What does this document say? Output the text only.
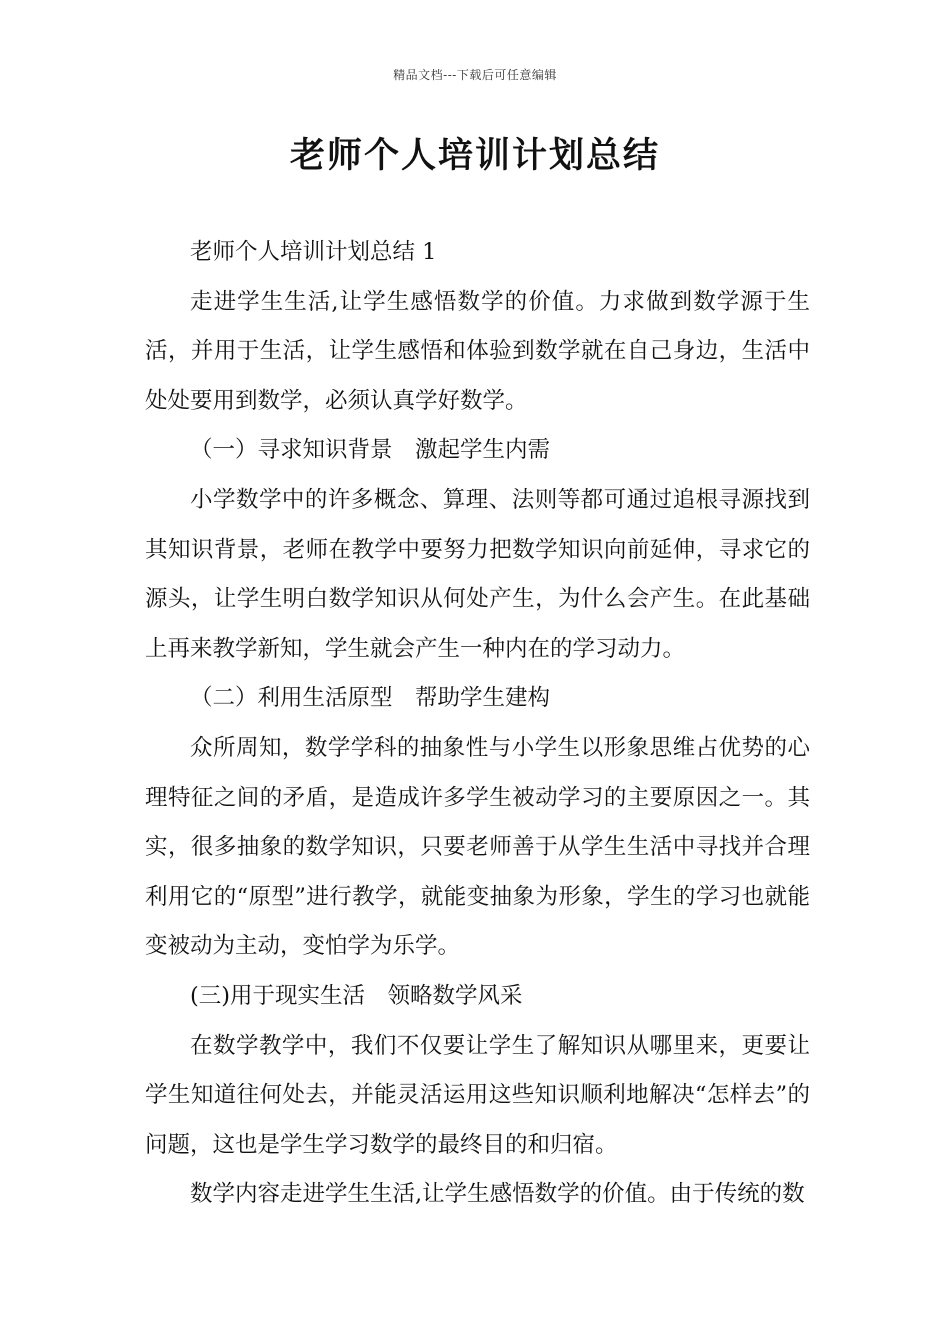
精品文档---下载后可任意编辑
老师个人培训计划总结

老师个人培训计划总结 1

走进学生生活,让学生感悟数学的价值。力求做到数学源于生活，并用于生活，让学生感悟和体验到数学就在自己身边，生活中处处要用到数学，必须认真学好数学。

（一）寻求知识背景　激起学生内需

小学数学中的许多概念、算理、法则等都可通过追根寻源找到其知识背景，老师在教学中要努力把数学知识向前延伸，寻求它的源头，让学生明白数学知识从何处产生，为什么会产生。在此基础上再来教学新知，学生就会产生一种内在的学习动力。

（二）利用生活原型　帮助学生建构

众所周知，数学学科的抽象性与小学生以形象思维占优势的心理特征之间的矛盾，是造成许多学生被动学习的主要原因之一。其实，很多抽象的数学知识，只要老师善于从学生生活中寻找并合理利用它的“原型”进行教学，就能变抽象为形象，学生的学习也就能变被动为主动，变怕学为乐学。

(三)用于现实生活　领略数学风采

在数学教学中，我们不仅要让学生了解知识从哪里来，更要让学生知道往何处去，并能灵活运用这些知识顺利地解决“怎样去”的问题，这也是学生学习数学的最终目的和归宿。

数学内容走进学生生活,让学生感悟数学的价值。由于传统的数
